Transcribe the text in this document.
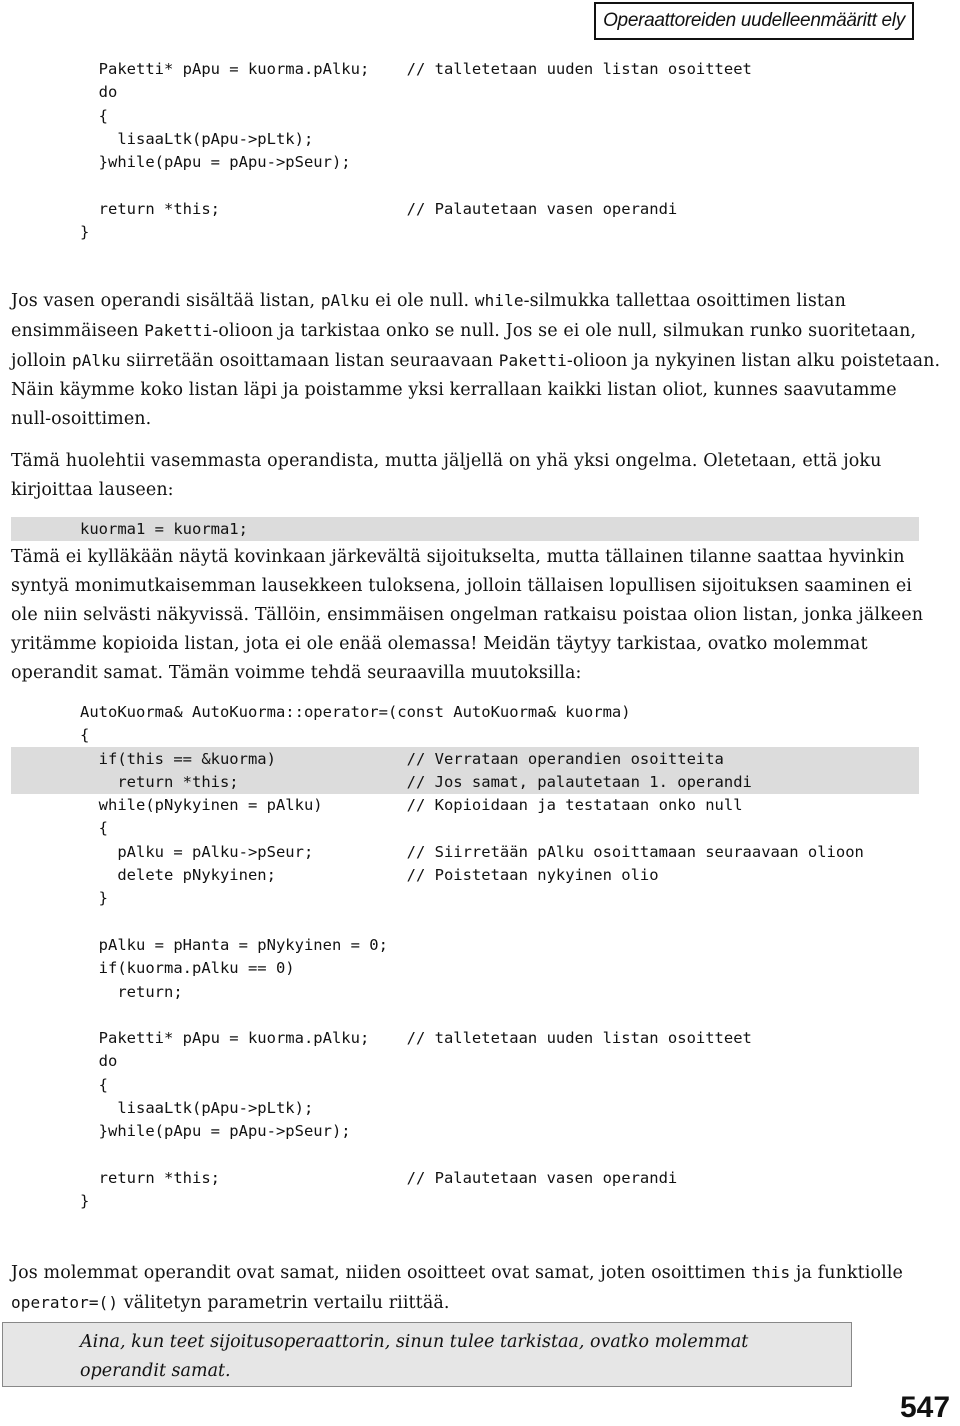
Operaattoreiden uudelleenmääritt ely
Paketti* pApu = kuorma.pAlku;    // talletetaan uuden listan osoitteet
do
{
lisaaLtk(pApu->pLtk);
}while(pApu = pApu->pSeur);

return *this;                    // Palautetaan vasen operandi
}

Jos vasen operandi sisältää listan, pAlku ei ole null. while-silmukka tallettaa osoittimen listan ensimmäiseen Paketti-olioon ja tarkistaa onko se null. Jos se ei ole null, silmukan runko suoritetaan, jolloin pAlku siirretään osoittamaan listan seuraavaan Paketti-olioon ja nykyinen listan alku poistetaan. Näin käymme koko listan läpi ja poistamme yksi kerrallaan kaikki listan oliot, kunnes saavutamme null-osoittimen.

Tämä huolehtii vasemmasta operandista, mutta jäljellä on yhä yksi ongelma. Oletetaan, että joku kirjoittaa lauseen:

kuorma1 = kuorma1;

Tämä ei kylläkään näytä kovinkaan järkevältä sijoitukselta, mutta tällainen tilanne saattaa hyvinkin syntyä monimutkaisemman lausekkeen tuloksena, jolloin tällaisen lopullisen sijoituksen saaminen ei ole niin selvästi näkyvissä. Tällöin, ensimmäisen ongelman ratkaisu poistaa olion listan, jonka jälkeen yritämme kopioida listan, jota ei ole enää olemassa! Meidän täytyy tarkistaa, ovatko molemmat operandit samat. Tämän voimme tehdä seuraavilla muutoksilla:

AutoKuorma& AutoKuorma::operator=(const AutoKuorma& kuorma)
{
if(this == &kuorma)              // Verrataan operandien osoitteita
return *this;                  // Jos samat, palautetaan 1. operandi
while(pNykyinen = pAlku)         // Kopioidaan ja testataan onko null
{
pAlku = pAlku->pSeur;          // Siirretään pAlku osoittamaan seuraavaan olioon
delete pNykyinen;              // Poistetaan nykyinen olio
}

pAlku = pHanta = pNykyinen = 0;
if(kuorma.pAlku == 0)
return;

Paketti* pApu = kuorma.pAlku;    // talletetaan uuden listan osoitteet
do
{
lisaaLtk(pApu->pLtk);
}while(pApu = pApu->pSeur);

return *this;                    // Palautetaan vasen operandi
}

Jos molemmat operandit ovat samat, niiden osoitteet ovat samat, joten osoittimen this ja funktiolle operator=() välitetyn parametrin vertailu riittää.

Aina, kun teet sijoitusoperaattorin, sinun tulee tarkistaa, ovatko molemmat operandit samat.

547
